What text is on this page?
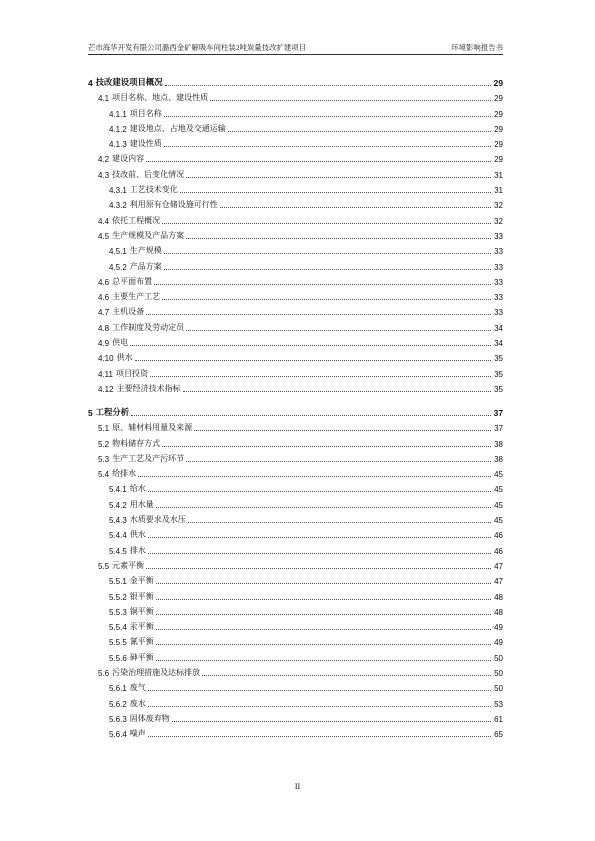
芒市海华开发有限公司潞西金矿解吸车间柱装2吨炭量技改扩建项目	环境影响报告书
4 技改建设项目概况	29
4.1 项目名称、地点、建设性质	29
4.1.1 项目名称	29
4.1.2 建设地点、占地及交通运输	29
4.1.3 建设性质	29
4.2 建设内容	29
4.3 技改前、后变化情况	31
4.3.1 工艺技术变化	31
4.3.2 利用原有仓储设施可行性	32
4.4 依托工程概况	32
4.5 生产规模及产品方案	33
4.5.1 生产规模	33
4.5.2 产品方案	33
4.6 总平面布置	33
4.6 主要生产工艺	33
4.7 主机设备	33
4.8 工作制度及劳动定员	34
4.9 供电	34
4.10 供水	35
4.11 项目投资	35
4.12 主要经济技术指标	35
5 工程分析	37
5.1 原、辅材料用量及来源	37
5.2 物料储存方式	38
5.3 生产工艺及产污环节	38
5.4 给排水	45
5.4.1 给水	45
5.4.2 用水量	45
5.4.3 水质要求及水压	45
5.4.4 供水	46
5.4.5 排水	46
5.5 元素平衡	47
5.5.1 金平衡	47
5.5.2 银平衡	48
5.5.3 铜平衡	48
5.5.4 汞平衡	49
5.5.5 氰平衡	49
5.5.6 砷平衡	50
5.6 污染治理措施及达标排放	50
5.6.1 废气	50
5.6.2 废水	53
5.6.3 固体废弃物	61
5.6.4 噪声	65
II
